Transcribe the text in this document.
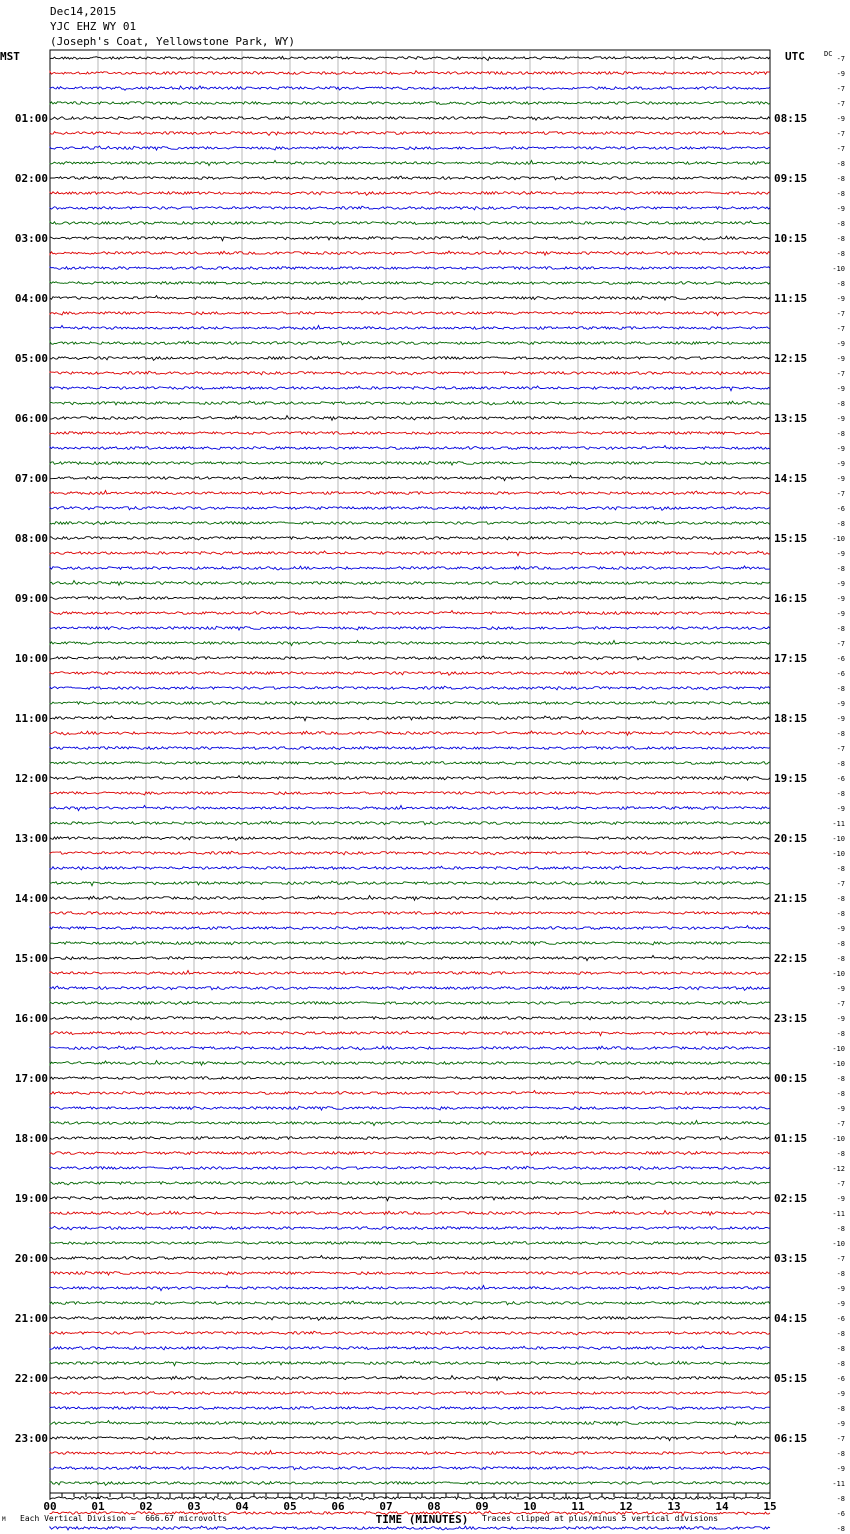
Dec14,2015
YJC EHZ WY 01
(Joseph's Coat, Yellowstone Park, WY)
MST	UTC	-7
-9
-7
-7
-9
-7
-7
-8
-8
-8
-9
-8
-8
-8
-10
-8
-9
-7
-7
-9
-9
-7
-9
-8
-9
-8
-9
-9
-9
-7
-6
-8
-10
-9
-8
-9
-9
-9
-8
-7
-6
-6
-8
-9
-9
-8
-7
-8
-6
-8
-9
-11
-10
-10
-8
-7
-8
-8
-9
-8
-8
-10
-9
-7
-9
-8
-10
-10
-8
-8
-9
-7
-10
-8
-12
-7
-9
-11
-8
-10
-7
-8
-9
-9
-6
-8
-8
-8
-6
-9
-8
-9
-7
-8
-9
-11
-8
-6
-8
DC
01:00	08:15
02:00	09:15
03:00	10:15
04:00	11:15
05:00	12:15
06:00	13:15
07:00	14:15
08:00	15:15
09:00	16:15
10:00	17:15
11:00	18:15
12:00	19:15
13:00	20:15
14:00	21:15
15:00	22:15
16:00	23:15
17:00	00:15
18:00	01:15
19:00	02:15
20:00	03:15
21:00	04:15
22:00	05:15
23:00	06:15
00	01	02	03	04	05	06	07	08	09	10	11	12	13	14	15
TIME (MINUTES)
M Each Vertical Division =  666.67 microvolts	Traces clipped at plus/minus 5 vertical divisions
